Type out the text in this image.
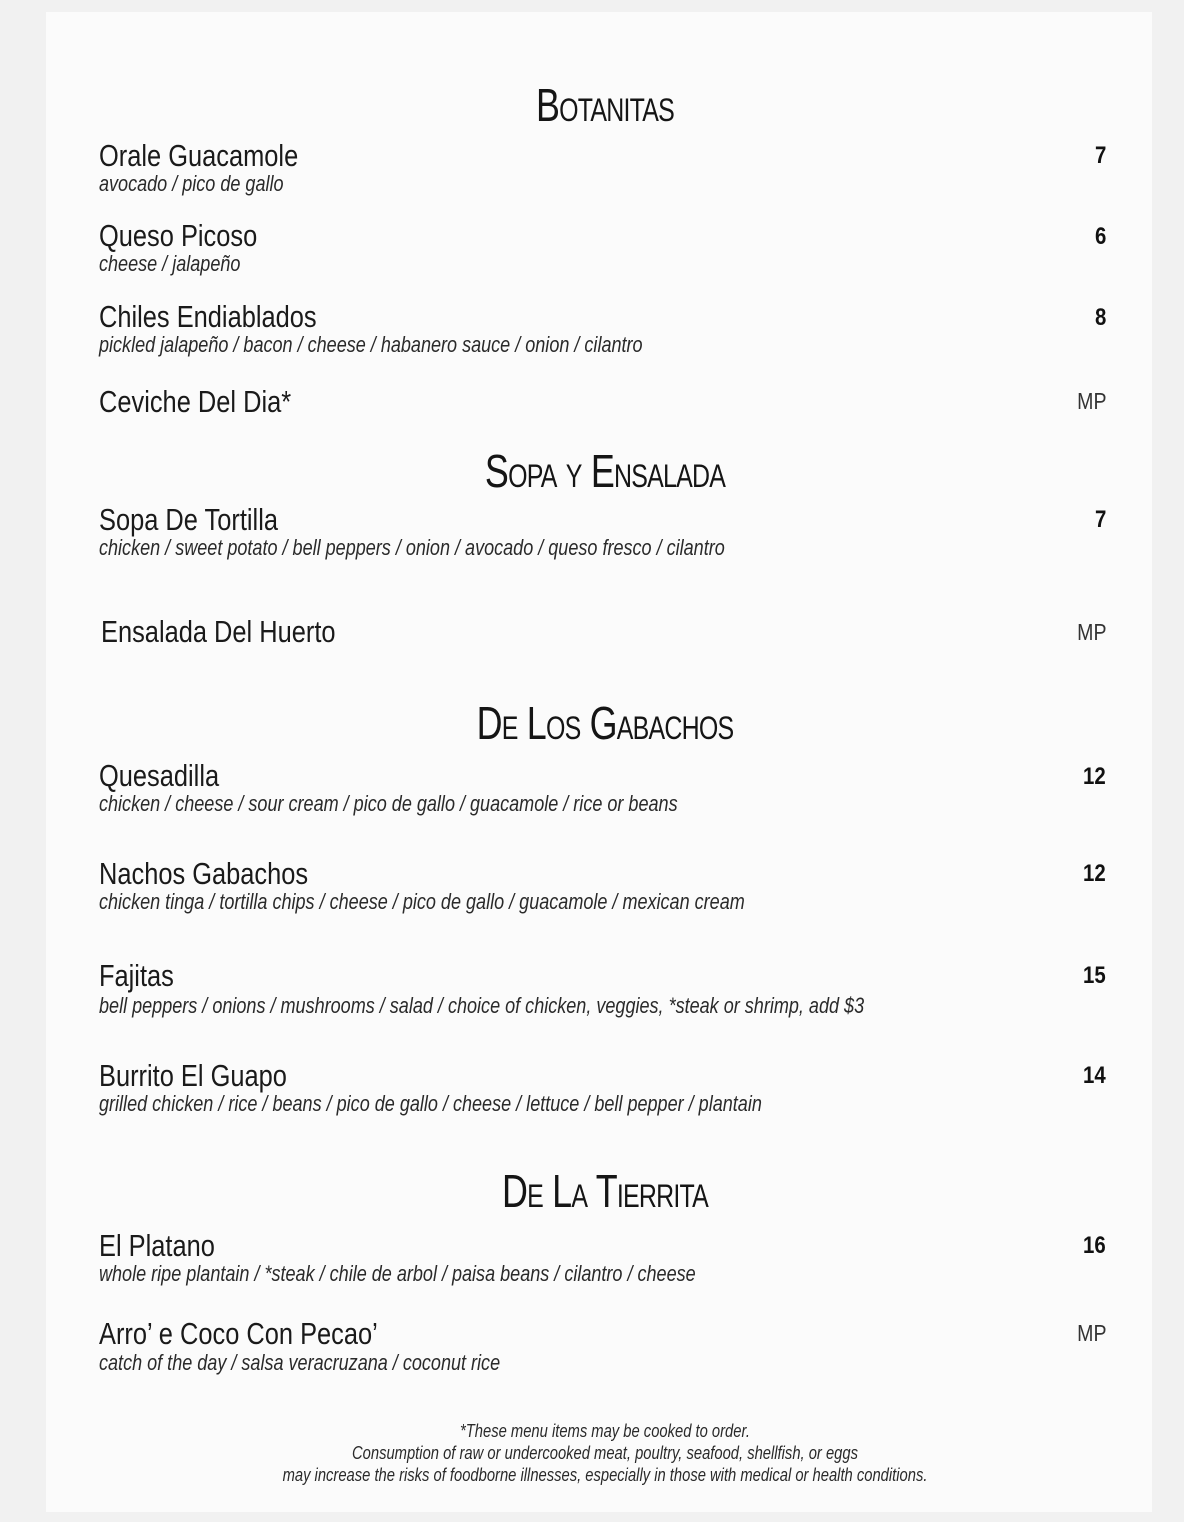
Botanitas
Orale Guacamole
avocado / pico de gallo
7
Queso Picoso
cheese / jalapeño
6
Chiles Endiablados
pickled jalapeño / bacon / cheese / habanero sauce / onion / cilantro
8
Ceviche Del Dia*	MP
Sopa y Ensalada
Sopa De Tortilla
chicken / sweet potato / bell peppers / onion / avocado / queso fresco / cilantro
7
Ensalada Del Huerto	MP
De Los Gabachos
Quesadilla
chicken / cheese / sour cream / pico de gallo / guacamole / rice or beans
12
Nachos Gabachos
chicken tinga / tortilla chips / cheese / pico de gallo / guacamole / mexican cream
12
Fajitas
bell peppers / onions / mushrooms / salad / choice of chicken, veggies, *steak or shrimp, add $3
15
Burrito El Guapo
grilled chicken / rice / beans / pico de gallo / cheese / lettuce / bell pepper / plantain
14
De La Tierrita
El Platano
whole ripe plantain / *steak / chile de arbol / paisa beans / cilantro / cheese
16
Arro’ e Coco Con Pecao’
catch of the day / salsa veracruzana / coconut rice
MP
*These menu items may be cooked to order.
Consumption of raw or undercooked meat, poultry, seafood, shellfish, or eggs
may increase the risks of foodborne illnesses, especially in those with medical or health conditions.
